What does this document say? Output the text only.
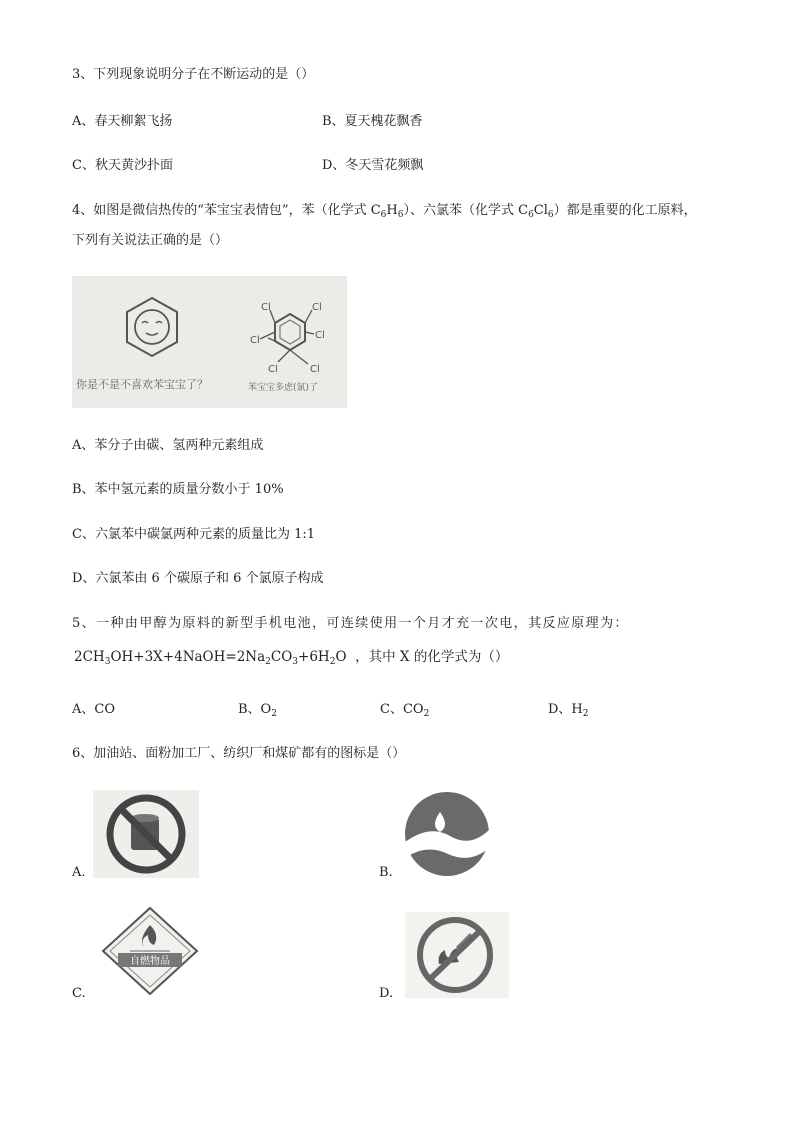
3、下列现象说明分子在不断运动的是（）
A、春天柳絮飞扬	B、夏天槐花飘香
C、秋天黄沙扑面	D、冬天雪花频飘
4、如图是微信热传的“苯宝宝表情包”，苯（化学式 $C_6H_6$）、六氯苯（化学式 $C_6Cl_6$）都是重要的化工原料，
下列有关说法正确的是（）
Cl	Cl
Cl	Cl
Cl	Cl
你是不是不喜欢苯宝宝了？	苯宝宝多虑(氯)了
A、苯分子由碳、氢两种元素组成
B、苯中氢元素的质量分数小于 10%
C、六氯苯中碳氯两种元素的质量比为 1:1
D、六氯苯由 6 个碳原子和 6 个氯原子构成
5、一种由甲醇为原料的新型手机电池，可连续使用一个月才充一次电，其反应原理为：
$2CH_3OH+3X+4NaOH=2Na_2CO_3+6H_2O$ ，其中 X 的化学式为（）
A、CO	B、$O_2$	C、$CO_2$	D、$H_2$
6、加油站、面粉加工厂、纺织厂和煤矿都有的图标是（）
A.	B.
自燃物品
C.	D.
